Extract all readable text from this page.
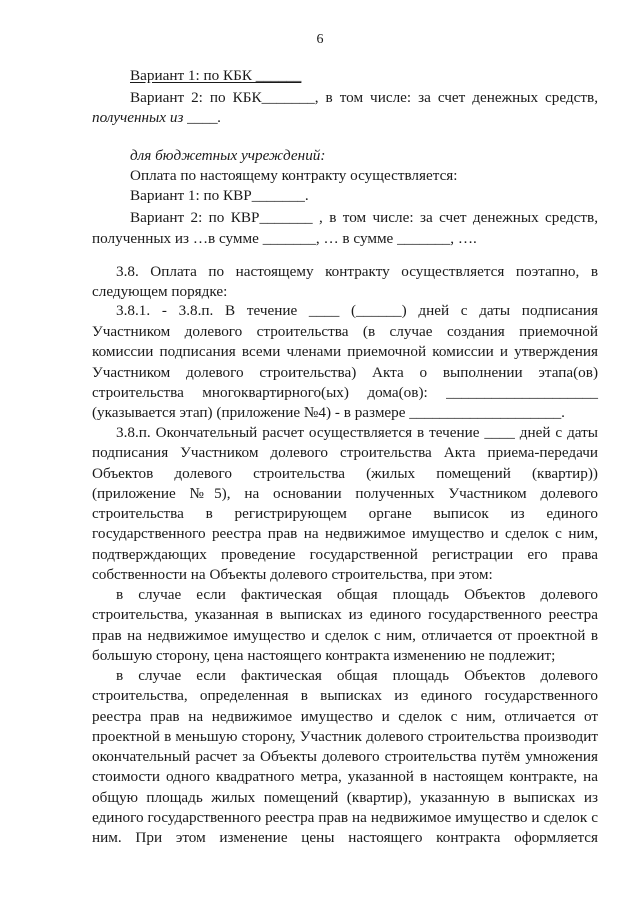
6
Вариант 1: по КБК ______
Вариант 2: по КБК_______, в том числе: за счет денежных средств,
полученных из ____.
для бюджетных учреждений:
Оплата по настоящему контракту осуществляется:
Вариант 1: по КВР_______.
Вариант 2: по КВР_______ , в том числе: за счет денежных средств,
полученных из …в сумме _______, … в сумме _______, ….
3.8. Оплата по настоящему контракту осуществляется поэтапно, в
следующем порядке:
3.8.1. - 3.8.п. В течение ____ (______) дней с даты подписания
Участником долевого строительства (в случае создания приемочной
комиссии подписания всеми членами приемочной комиссии и утверждения
Участником долевого строительства) Акта о выполнении этапа(ов)
строительства многоквартирного(ых) дома(ов): ____________________
(указывается этап) (приложение №4) - в размере ____________________.
3.8.п. Окончательный расчет осуществляется в течение ____ дней с даты
подписания Участником долевого строительства Акта приема-передачи
Объектов долевого строительства (жилых помещений (квартир))
(приложение №5), на основании полученных Участником долевого
строительства в регистрирующем органе выписок из единого
государственного реестра прав на недвижимое имущество и сделок с ним,
подтверждающих проведение государственной регистрации его права
собственности на Объекты долевого строительства, при этом:
в случае если фактическая общая площадь Объектов долевого
строительства, указанная в выписках из единого государственного реестра
прав на недвижимое имущество и сделок с ним, отличается от проектной в
большую сторону, цена настоящего контракта изменению не подлежит;
в случае если фактическая общая площадь Объектов долевого
строительства, определенная в выписках из единого государственного
реестра прав на недвижимое имущество и сделок с ним, отличается от
проектной в меньшую сторону, Участник долевого строительства производит
окончательный расчет за Объекты долевого строительства путём умножения
стоимости одного квадратного метра, указанной в настоящем контракте, на
общую площадь жилых помещений (квартир), указанную в выписках из
единого государственного реестра прав на недвижимое имущество и сделок с
ним. При этом изменение цены настоящего контракта оформляется
